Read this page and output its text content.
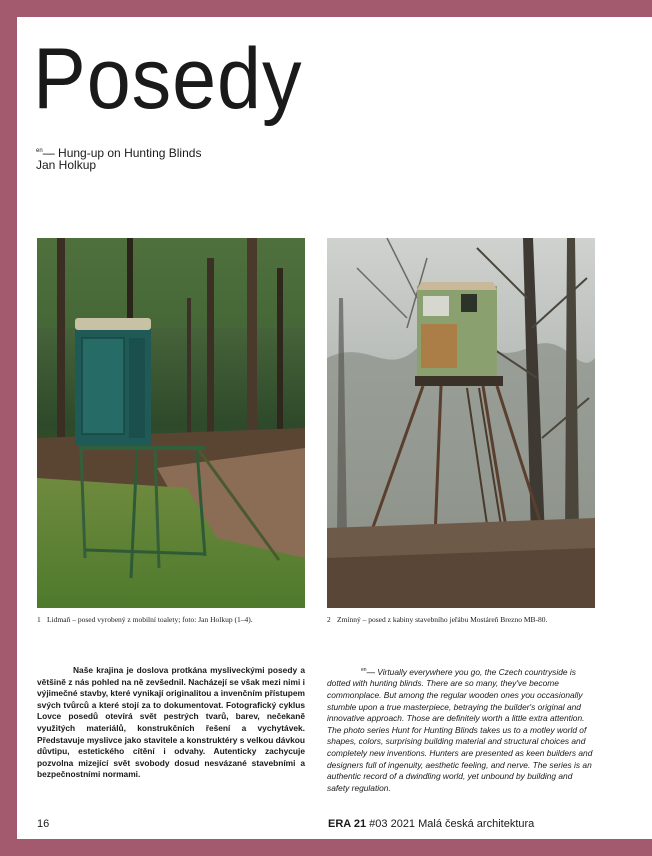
Posedy
$^{en}$— Hung-up on Hunting Blinds
Jan Holkup
1 Lidmaň – posed vyrobený z mobilní toalety; foto: Jan Holkup (1–4).	2 Zmínný – posed z kabiny stavebního jeřábu Mostáreň Brezno MB-80.

Naše krajina je doslova protkána mysliveckými posedy a většině z nás pohled na ně zevšednil. Nacházejí se však mezi nimi i výjimečné stavby, které vynikají originalitou a invenčním přístupem svých tvůrců a které stojí za to dokumentovat. Fotografický cyklus Lovce posedů otevírá svět pestrých tvarů, barev, nečekaně využitých materiálů, konstrukčních řešení a vychytávek. Představuje myslivce jako stavitele a konstruktéry s velkou dávkou důvtipu, estetického cítění i odvahy. Autenticky zachycuje pozvolna mizející svět svobody dosud nesvázané stavebními a bezpečnostními normami.

$^{en}$— Virtually everywhere you go, the Czech countryside is dotted with hunting blinds. There are so many, they've become commonplace. But among the regular wooden ones you occasionally stumble upon a true masterpiece, betraying the builder's original and innovative approach. Those are definitely worth a little extra attention. The photo series Hunt for Hunting Blinds takes us to a motley world of shapes, colors, surprising building material and structural choices and completely new inventions. Hunters are presented as keen builders and designers full of ingenuity, aesthetic feeling, and nerve. The series is an authentic record of a dwindling world, yet unbound by building and safety regulation.

16	ERA 21 #03 2021 Malá česká architektura
